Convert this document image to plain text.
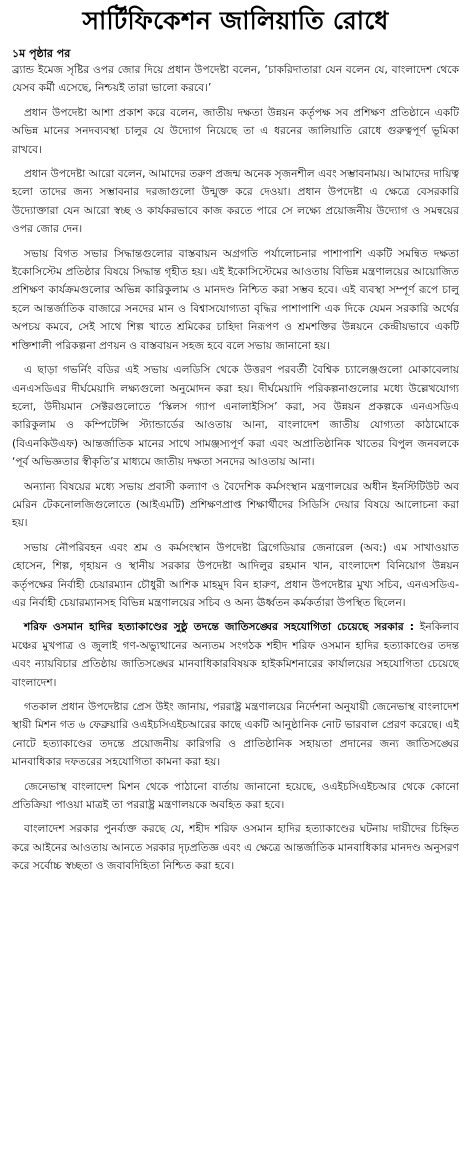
সার্টিফিকেশন জালিয়াতি রোধে

১ম পৃষ্ঠার পর

ব্র্যান্ড ইমেজ সৃষ্টির ওপর জোর দিয়ে প্রধান উপদেষ্টা বলেন, ‘চাকরিদাতারা যেন বলেন যে, বাংলাদেশ থেকে যেসব কর্মী এসেছে, নিশ্চয়ই তারা ভালো করবে।’

প্রধান উপদেষ্টা আশা প্রকাশ করে বলেন, জাতীয় দক্ষতা উন্নয়ন কর্তৃপক্ষ সব প্রশিক্ষণ প্রতিষ্ঠানে একটি অভিন্ন মানের সনদব্যবস্থা চালুর যে উদ্যোগ নিয়েছে তা এ ধরনের জালিয়াতি রোধে গুরুত্বপূর্ণ ভূমিকা রাখবে।

প্রধান উপদেষ্টা আরো বলেন, আমাদের তরুণ প্রজন্ম অনেক সৃজনশীল এবং সম্ভাবনাময়। আমাদের দায়িত্ব হলো তাদের জন্য সম্ভাবনার দরজাগুলো উন্মুক্ত করে দেওয়া। প্রধান উপদেষ্টা এ ক্ষেত্রে বেসরকারি উদ্যোক্তারা যেন আরো স্বচ্ছ ও কার্যকরভাবে কাজ করতে পারে সে লক্ষ্যে প্রয়োজনীয় উদ্যোগ ও সমন্বয়ের ওপর জোর দেন।

সভায় বিগত সভার সিদ্ধান্তগুলোর বাস্তবায়ন অগ্রগতি পর্যালোচনার পাশাপাশি একটি সমন্বিত দক্ষতা ইকোসিস্টেম প্রতিষ্ঠার বিষয়ে সিদ্ধান্ত গৃহীত হয়। এই ইকোসিস্টেমের আওতায় বিভিন্ন মন্ত্রণালয়ের আয়োজিত প্রশিক্ষণ কার্যক্রমগুলোর অভিন্ন কারিকুলাম ও মানদণ্ড নিশ্চিত করা সম্ভব হবে। এই ব্যবস্থা সম্পূর্ণ রূপে চালু হলে আন্তর্জাতিক বাজারে সনদের মান ও বিশ্বাসযোগ্যতা বৃদ্ধির পাশাপাশি এক দিকে যেমন সরকারি অর্থের অপচয় কমবে, সেই সাথে শিল্প খাতে শ্রমিকের চাহিদা নিরূপণ ও শ্রমশক্তির উন্নয়নে কেন্দ্রীয়ভাবে একটি শক্তিশালী পরিকল্পনা প্রণয়ন ও বাস্তবায়ন সহজ হবে বলে সভায় জানানো হয়।

এ ছাড়া গভর্নিং বডির এই সভায় এলডিসি থেকে উত্তরণ পরবর্তী বৈশ্বিক চ্যালেঞ্জগুলো মোকাবেলায় এনএসডিএর দীর্ঘমেয়াদি লক্ষ্যগুলো অনুমোদন করা হয়। দীর্ঘমেয়াদি পরিকল্পনাগুলোর মধ্যে উল্লেখযোগ্য হলো, উদীয়মান সেক্টরগুলোতে ‘স্কিলস গ্যাপ এনালাইসিস’ করা, সব উন্নয়ন প্রকল্পকে এনএসডিএ কারিকুলাম ও কম্পিটেন্সি স্ট্যান্ডার্ডের আওতায় আনা, বাংলাদেশ জাতীয় যোগ্যতা কাঠামোকে (বিএনকিউএফ) আন্তর্জাতিক মানের সাথে সামঞ্জস্যপূর্ণ করা এবং অপ্রাতিষ্ঠানিক খাতের বিপুল জনবলকে ‘পূর্ব অভিজ্ঞতার স্বীকৃতি’র মাধ্যমে জাতীয় দক্ষতা সনদের আওতায় আনা।

অন্যান্য বিষয়ের মধ্যে সভায় প্রবাসী কল্যাণ ও বৈদেশিক কর্মসংস্থান মন্ত্রণালয়ের অধীন ইনস্টিটিউট অব মেরিন টেকনোলজিগুলোতে (আইএমটি) প্রশিক্ষণপ্রাপ্ত শিক্ষার্থীদের সিডিসি দেয়ার বিষয়ে আলোচনা করা হয়।

সভায় নৌপরিবহন এবং শ্রম ও কর্মসংস্থান উপদেষ্টা ব্রিগেডিয়ার জেনারেল (অব:) এম সাখাওয়াত হোসেন, শিল্প, গৃহায়ন ও স্থানীয় সরকার উপদেষ্টা আদিলুর রহমান খান, বাংলাদেশ বিনিয়োগ উন্নয়ন কর্তৃপক্ষের নির্বাহী চেয়ারম্যান চৌধুরী আশিক মাহমুদ বিন হারুণ, প্রধান উপদেষ্টার মুখ্য সচিব, এনএসডিএ-এর নির্বাহী চেয়ারম্যানসহ বিভিন্ন মন্ত্রণালয়ের সচিব ও অন্য ঊর্ধ্বতন কর্মকর্তারা উপস্থিত ছিলেন।

শরিফ ওসমান হাদির হত্যাকাণ্ডের সুষ্ঠু তদন্তে জাতিসঙ্ঘের সহযোগিতা চেয়েছে সরকার : ইনকিলাব মঞ্চের মুখপাত্র ও জুলাই গণ-অভ্যুত্থানের অন্যতম সংগঠক শহীদ শরিফ ওসমান হাদির হত্যাকাণ্ডের তদন্ত এবং ন্যায়বিচার প্রতিষ্ঠায় জাতিসঙ্ঘের মানবাধিকারবিষয়ক হাইকমিশনারের কার্যালয়ের সহযোগিতা চেয়েছে বাংলাদেশ।

গতকাল প্রধান উপদেষ্টার প্রেস উইং জানায়, পররাষ্ট্র মন্ত্রণালয়ের নির্দেশনা অনুযায়ী জেনেভাস্থ বাংলাদেশ স্থায়ী মিশন গত ৬ ফেব্রুয়ারি ওএইচসিএইচআরের কাছে একটি আনুষ্ঠানিক নোট ভারবাল প্রেরণ করেছে। এই নোটে হত্যাকাণ্ডের তদন্তে প্রয়োজনীয় কারিগরি ও প্রাতিষ্ঠানিক সহায়তা প্রদানের জন্য জাতিসঙ্ঘের মানবাধিকার দফতরের সহযোগিতা কামনা করা হয়।

জেনেভাস্থ বাংলাদেশ মিশন থেকে পাঠানো বার্তায় জানানো হয়েছে, ওএইচসিএইচআর থেকে কোনো প্রতিক্রিয়া পাওয়া মাত্রই তা পররাষ্ট্র মন্ত্রণালয়কে অবহিত করা হবে।

বাংলাদেশ সরকার পুনর্ব্যক্ত করছে যে, শহীদ শরিফ ওসমান হাদির হত্যাকাণ্ডের ঘটনায় দায়ীদের চিহ্নিত করে আইনের আওতায় আনতে সরকার দৃঢ়প্রতিজ্ঞ এবং এ ক্ষেত্রে আন্তর্জাতিক মানবাধিকার মানদণ্ড অনুসরণ করে সর্বোচ্চ স্বচ্ছতা ও জবাবদিহিতা নিশ্চিত করা হবে।
